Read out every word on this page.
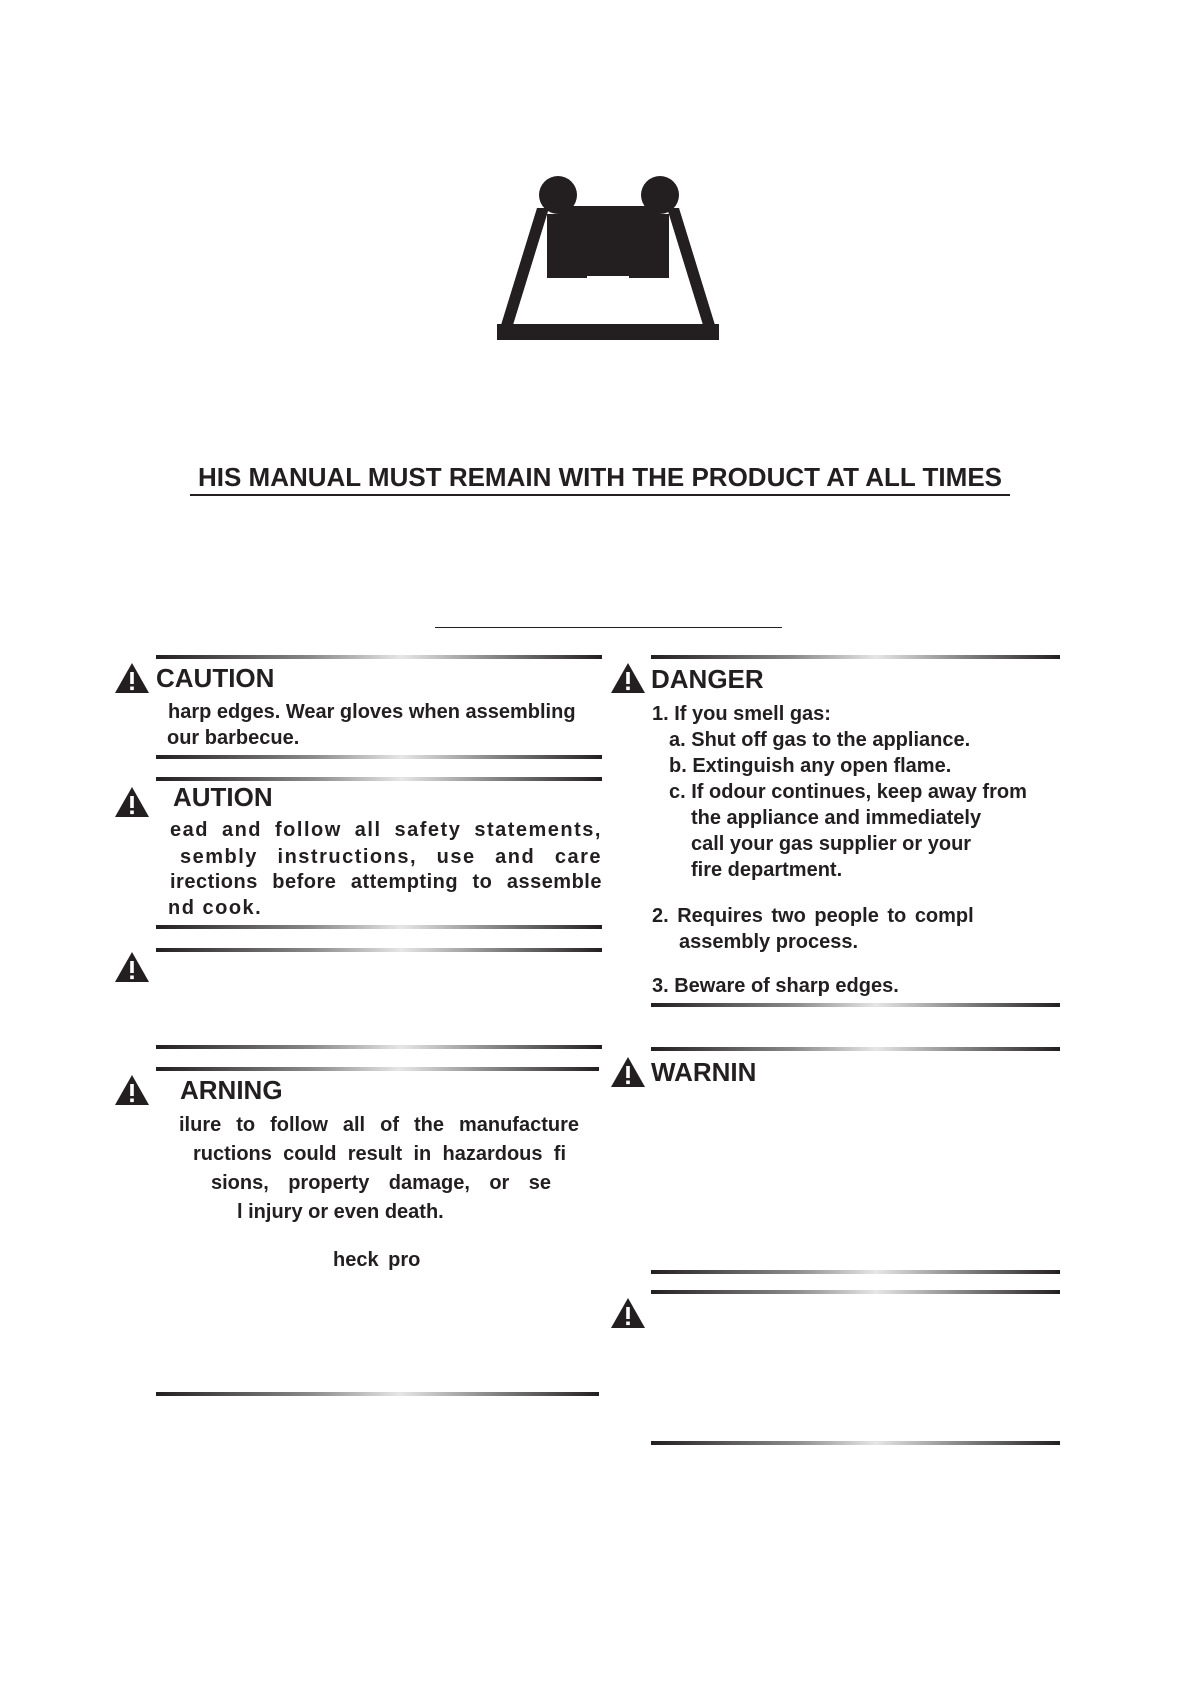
HIS MANUAL MUST REMAIN WITH THE PRODUCT AT ALL TIMES
CAUTION
harp edges. Wear gloves when assembling
our barbecue.
AUTION
ead and follow all safety statements,
sembly instructions, use and care
irections before attempting to assemble
nd cook.
ARNING
ilure to follow all of the manufacture
ructions could result in hazardous fi
sions, property damage, or se
l injury or even death.
heck pro
DANGER
1. If you smell gas:
a. Shut off gas to the appliance.
b. Extinguish any open flame.
c. If odour continues, keep away from
the appliance and immediately
call your gas supplier or your
fire department.
2. Requires two people to compl
assembly process.
3. Beware of sharp edges.
WARNIN
